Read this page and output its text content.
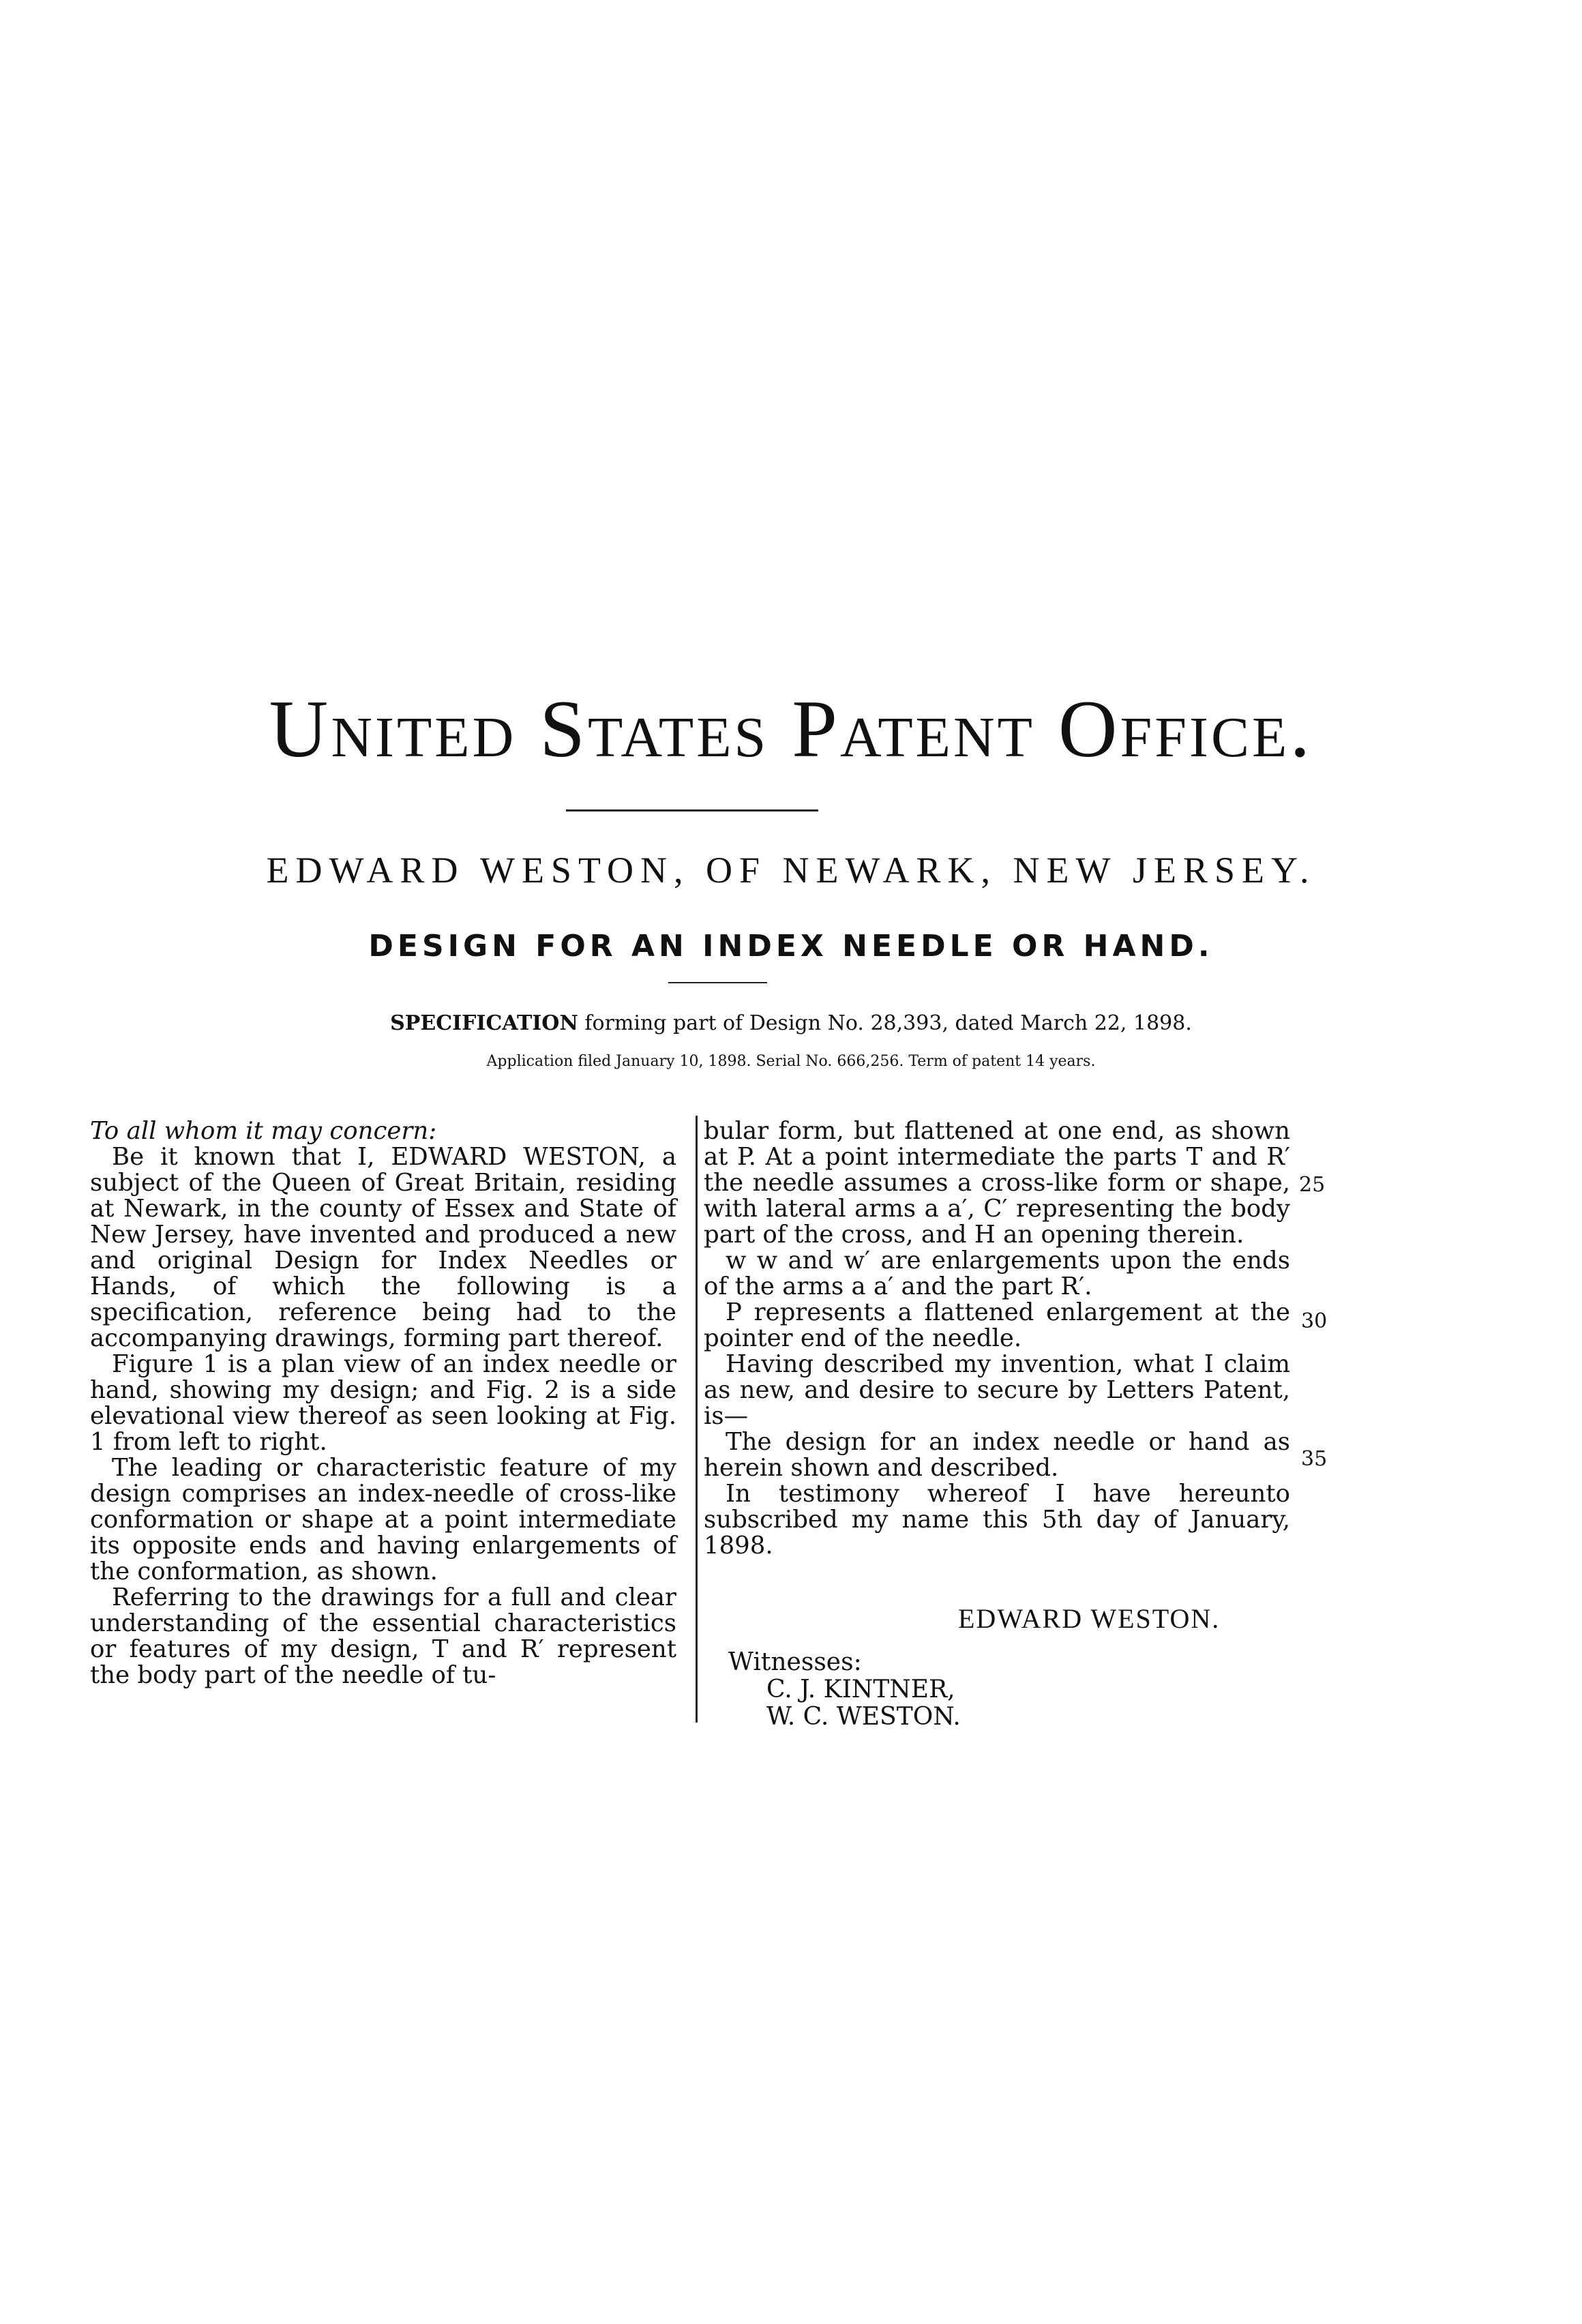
United States Patent Office.
EDWARD WESTON, OF NEWARK, NEW JERSEY.
DESIGN FOR AN INDEX NEEDLE OR HAND.
SPECIFICATION forming part of Design No. 28,393, dated March 22, 1898.
Application filed January 10, 1898. Serial No. 666,256. Term of patent 14 years.

To all whom it may concern:

Be it known that I, EDWARD WESTON, a subject of the Queen of Great Britain, residing at Newark, in the county of Essex and State of New Jersey, have invented and produced a new and original Design for Index Needles or Hands, of which the following is a specification, reference being had to the accompanying drawings, forming part thereof.

Figure 1 is a plan view of an index needle or hand, showing my design; and Fig. 2 is a side elevational view thereof as seen looking at Fig. 1 from left to right.

The leading or characteristic feature of my design comprises an index-needle of cross-like conformation or shape at a point intermediate its opposite ends and having enlargements of the conformation, as shown.

Referring to the drawings for a full and clear understanding of the essential characteristics or features of my design, T and R′ represent the body part of the needle of tu-

bular form, but flattened at one end, as shown at P. At a point intermediate the parts T and R′ the needle assumes a cross-like form or shape, with lateral arms a a′, C′ representing the body part of the cross, and H an opening therein.

w w and w′ are enlargements upon the ends of the arms a a′ and the part R′.

P represents a flattened enlargement at the pointer end of the needle.

Having described my invention, what I claim as new, and desire to secure by Letters Patent, is—

The design for an index needle or hand as herein shown and described.

In testimony whereof I have hereunto subscribed my name this 5th day of January, 1898.

EDWARD WESTON.
Witnesses:
C. J. KINTNER,
W. C. WESTON.
25
30
35
